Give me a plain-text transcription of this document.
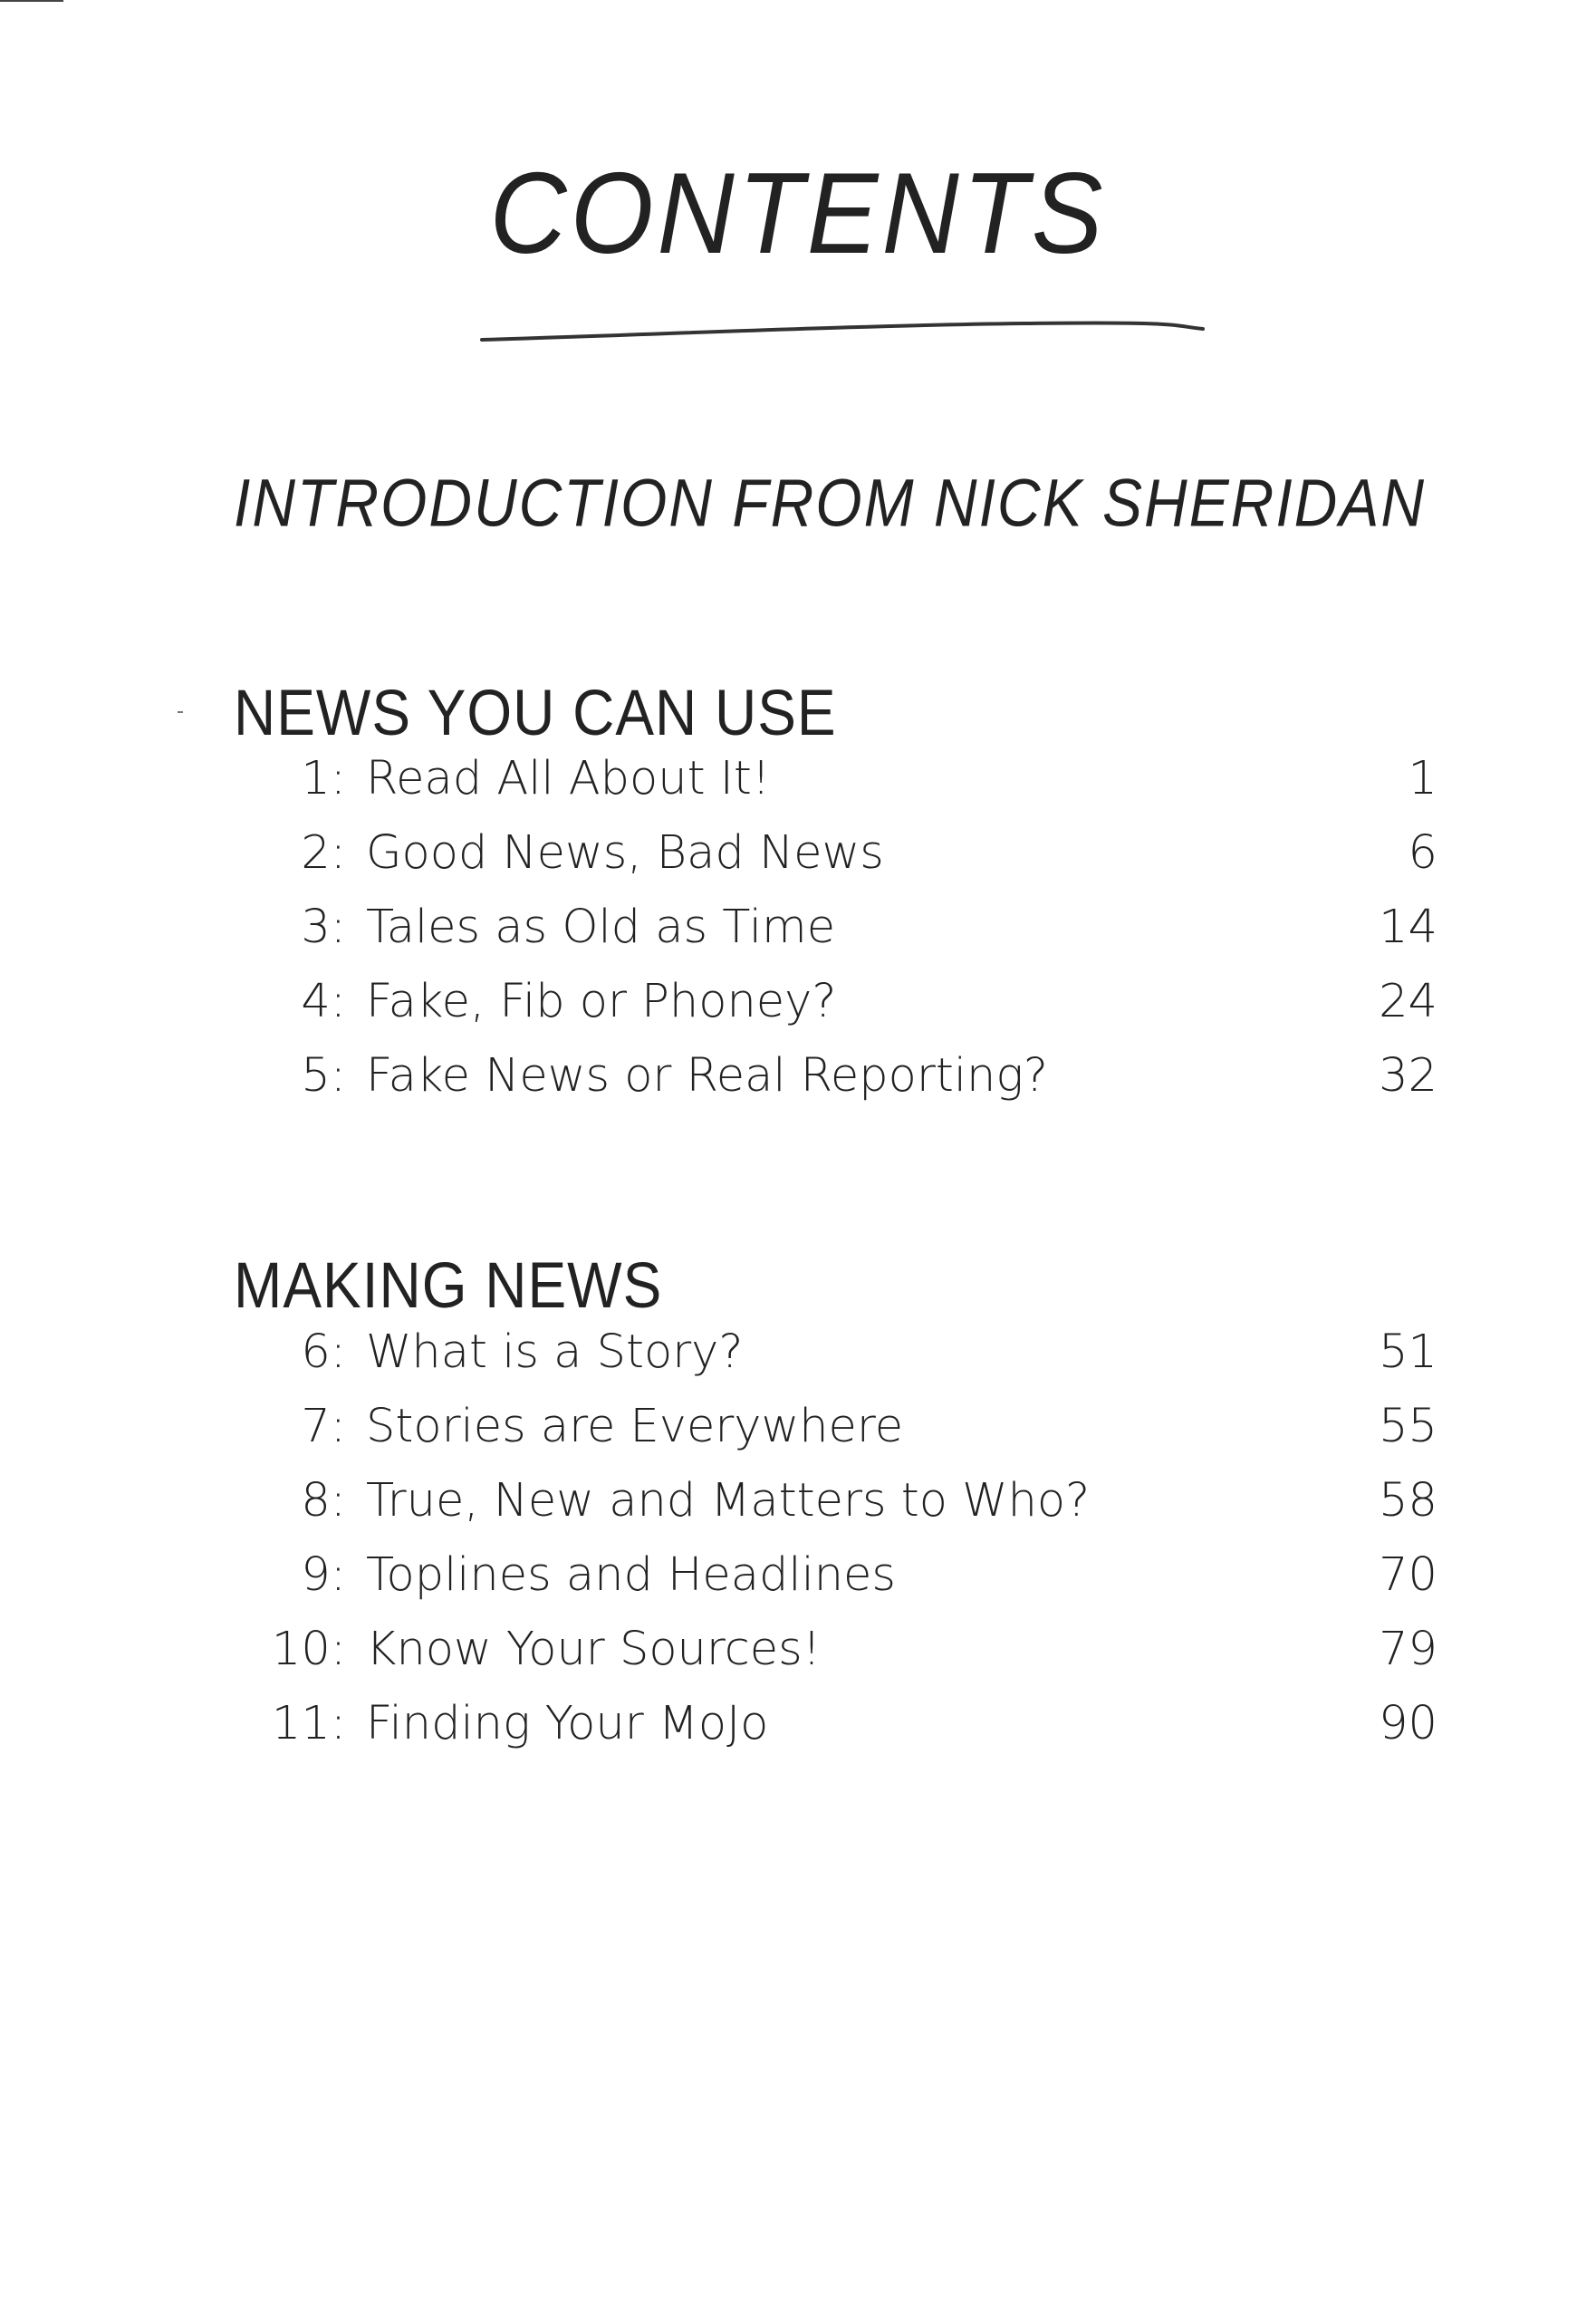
CONTENTS
INTRODUCTION FROM NICK SHERIDAN
NEWS YOU CAN USE
1: Read All About It!	1
2: Good News, Bad News	6
3: Tales as Old as Time	14
4: Fake, Fib or Phoney?	24
5: Fake News or Real Reporting?	32
MAKING NEWS
6: What is a Story?	51
7: Stories are Everywhere	55
8: True, New and Matters to Who?	58
9: Toplines and Headlines	70
10: Know Your Sources!	79
11: Finding Your MoJo	90
